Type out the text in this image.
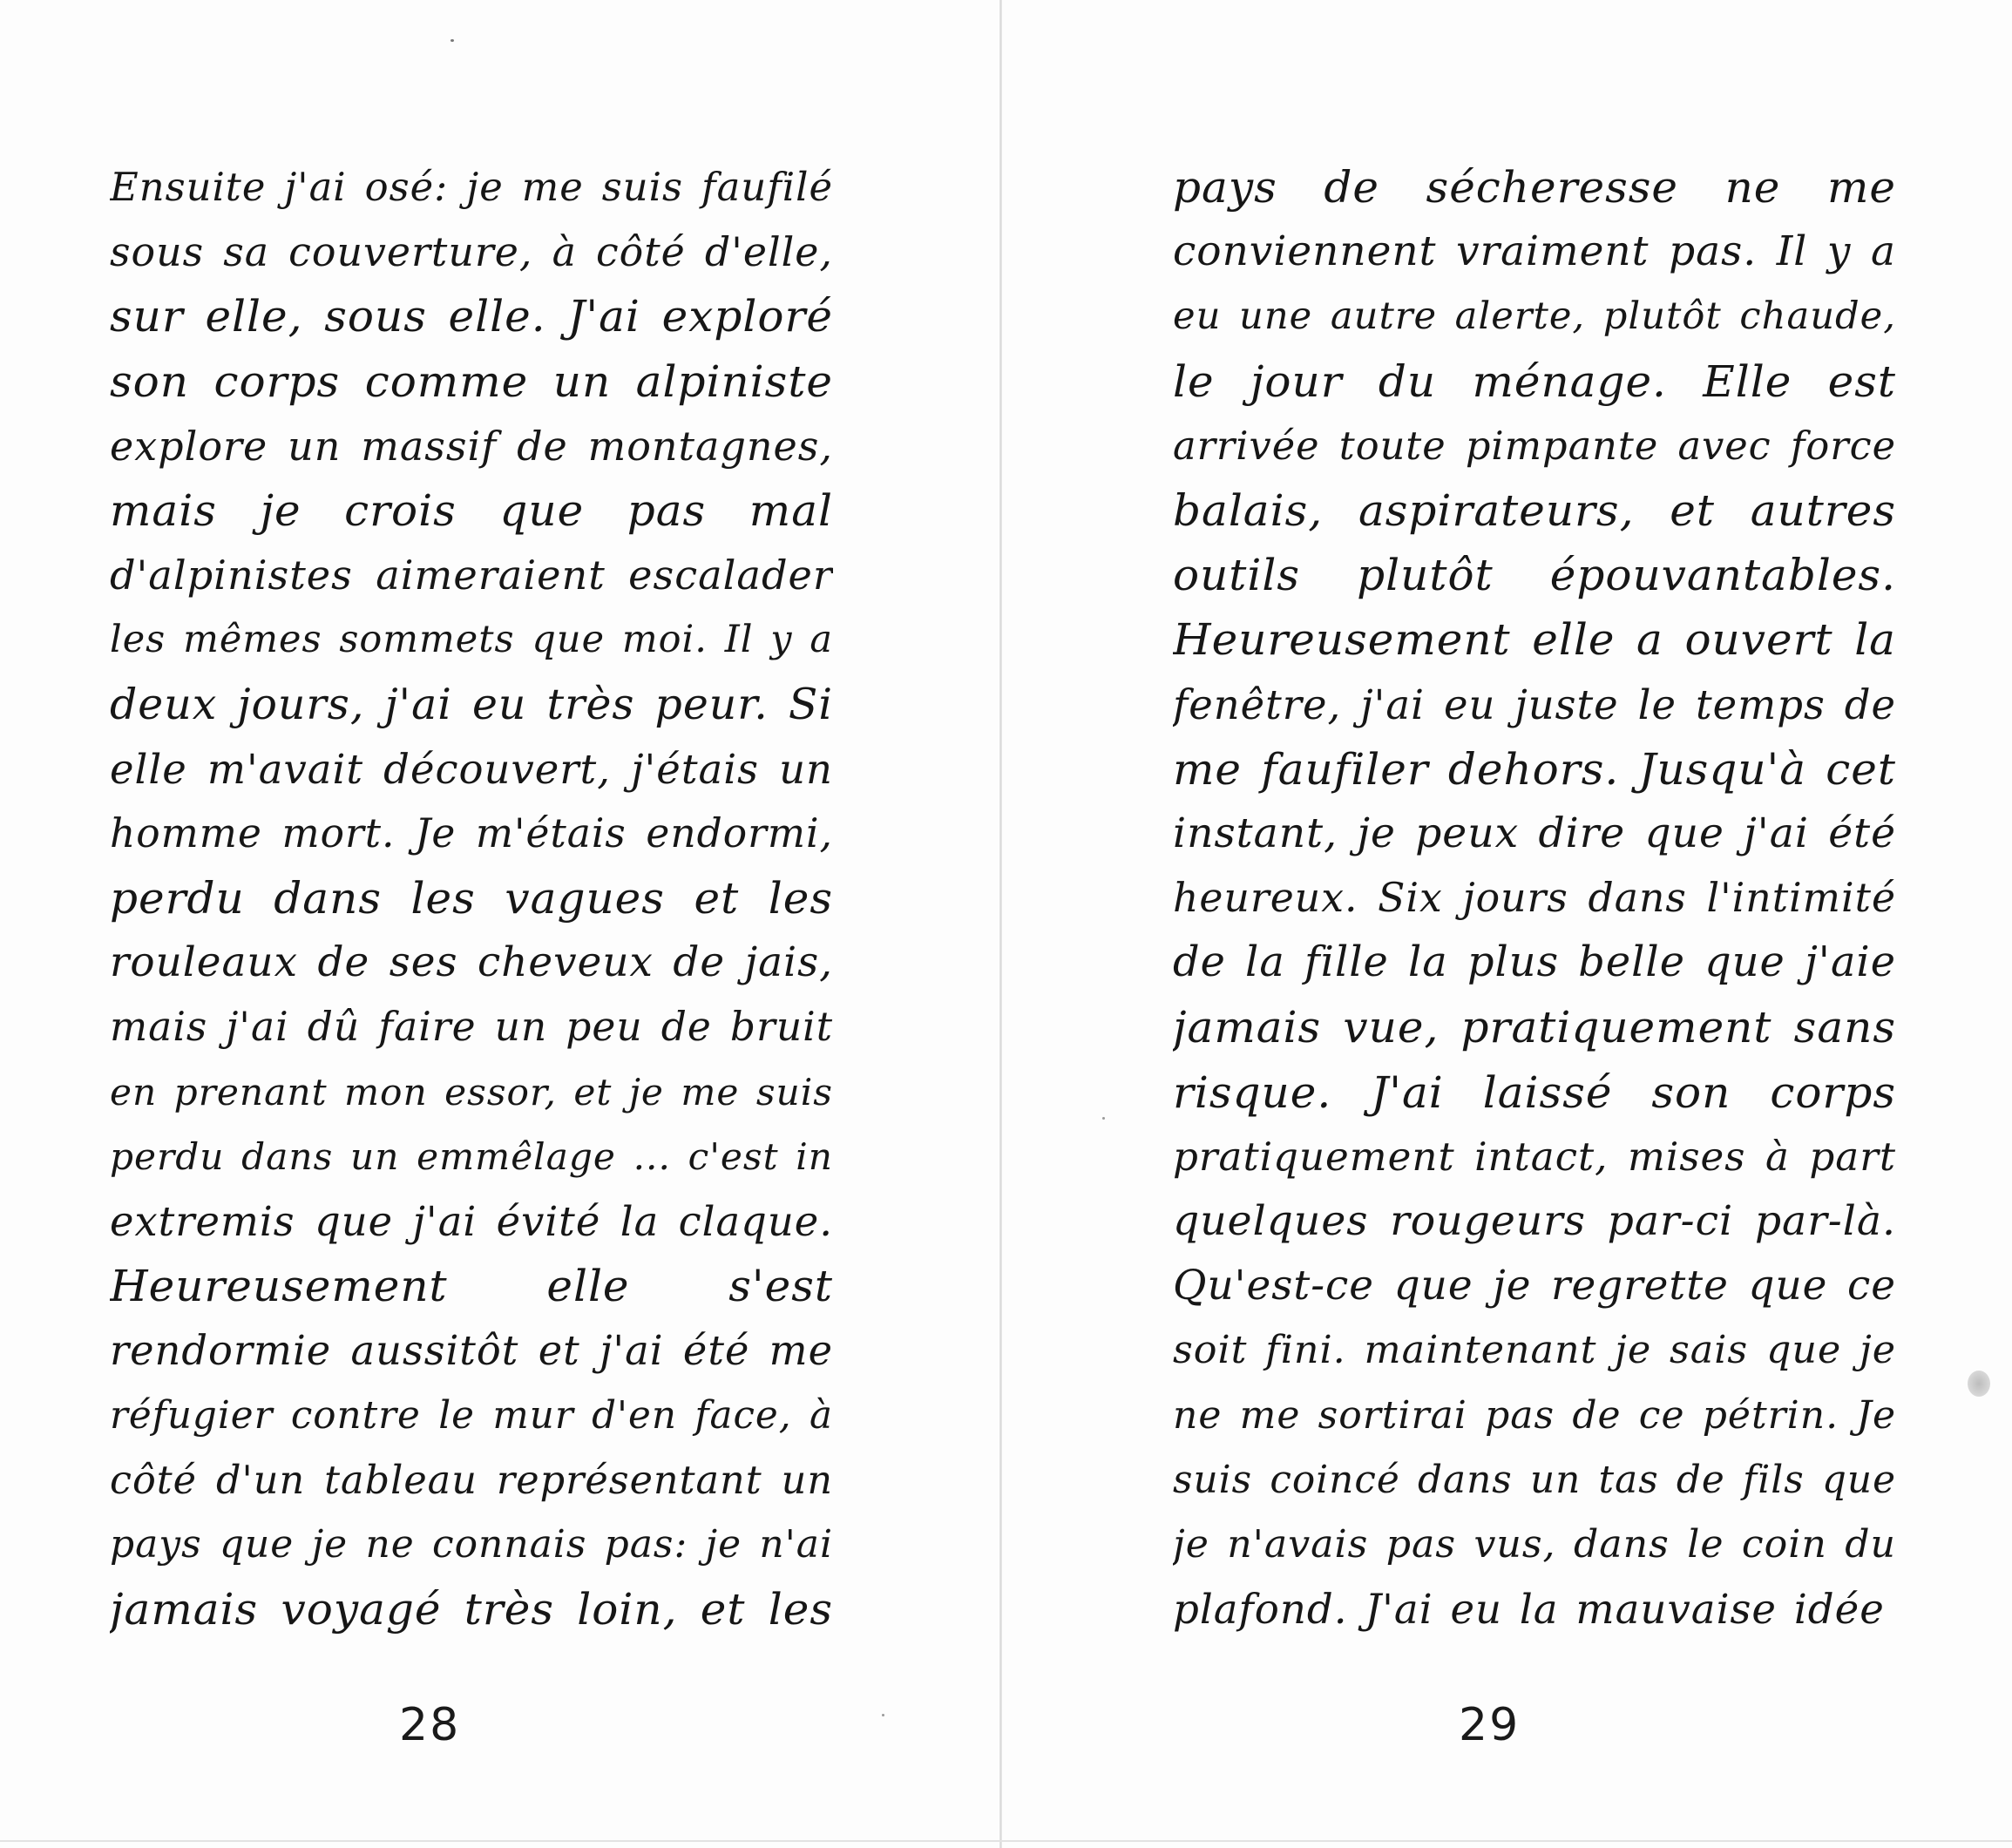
Ensuite j'ai osé: je me suis faufilé
sous sa couverture, à côté d'elle,
sur elle, sous elle. J'ai exploré
son corps comme un alpiniste
explore un massif de montagnes,
mais je crois que pas mal
d'alpinistes aimeraient escalader
les mêmes sommets que moi. Il y a
deux jours, j'ai eu très peur. Si
elle m'avait découvert, j'étais un
homme mort. Je m'étais endormi,
perdu dans les vagues et les
rouleaux de ses cheveux de jais,
mais j'ai dû faire un peu de bruit
en prenant mon essor, et je me suis
perdu dans un emmêlage ... c'est in
extremis que j'ai évité la claque.
Heureusement elle s'est
rendormie aussitôt et j'ai été me
réfugier contre le mur d'en face, à
côté d'un tableau représentant un
pays que je ne connais pas: je n'ai
jamais voyagé très loin, et les
28
pays de sécheresse ne me
conviennent vraiment pas. Il y a
eu une autre alerte, plutôt chaude,
le jour du ménage. Elle est
arrivée toute pimpante avec force
balais, aspirateurs, et autres
outils plutôt épouvantables.
Heureusement elle a ouvert la
fenêtre, j'ai eu juste le temps de
me faufiler dehors. Jusqu'à cet
instant, je peux dire que j'ai été
heureux. Six jours dans l'intimité
de la fille la plus belle que j'aie
jamais vue, pratiquement sans
risque. J'ai laissé son corps
pratiquement intact, mises à part
quelques rougeurs par-ci par-là.
Qu'est-ce que je regrette que ce
soit fini. maintenant je sais que je
ne me sortirai pas de ce pétrin. Je
suis coincé dans un tas de fils que
je n'avais pas vus, dans le coin du
plafond. J'ai eu la mauvaise idée
29
